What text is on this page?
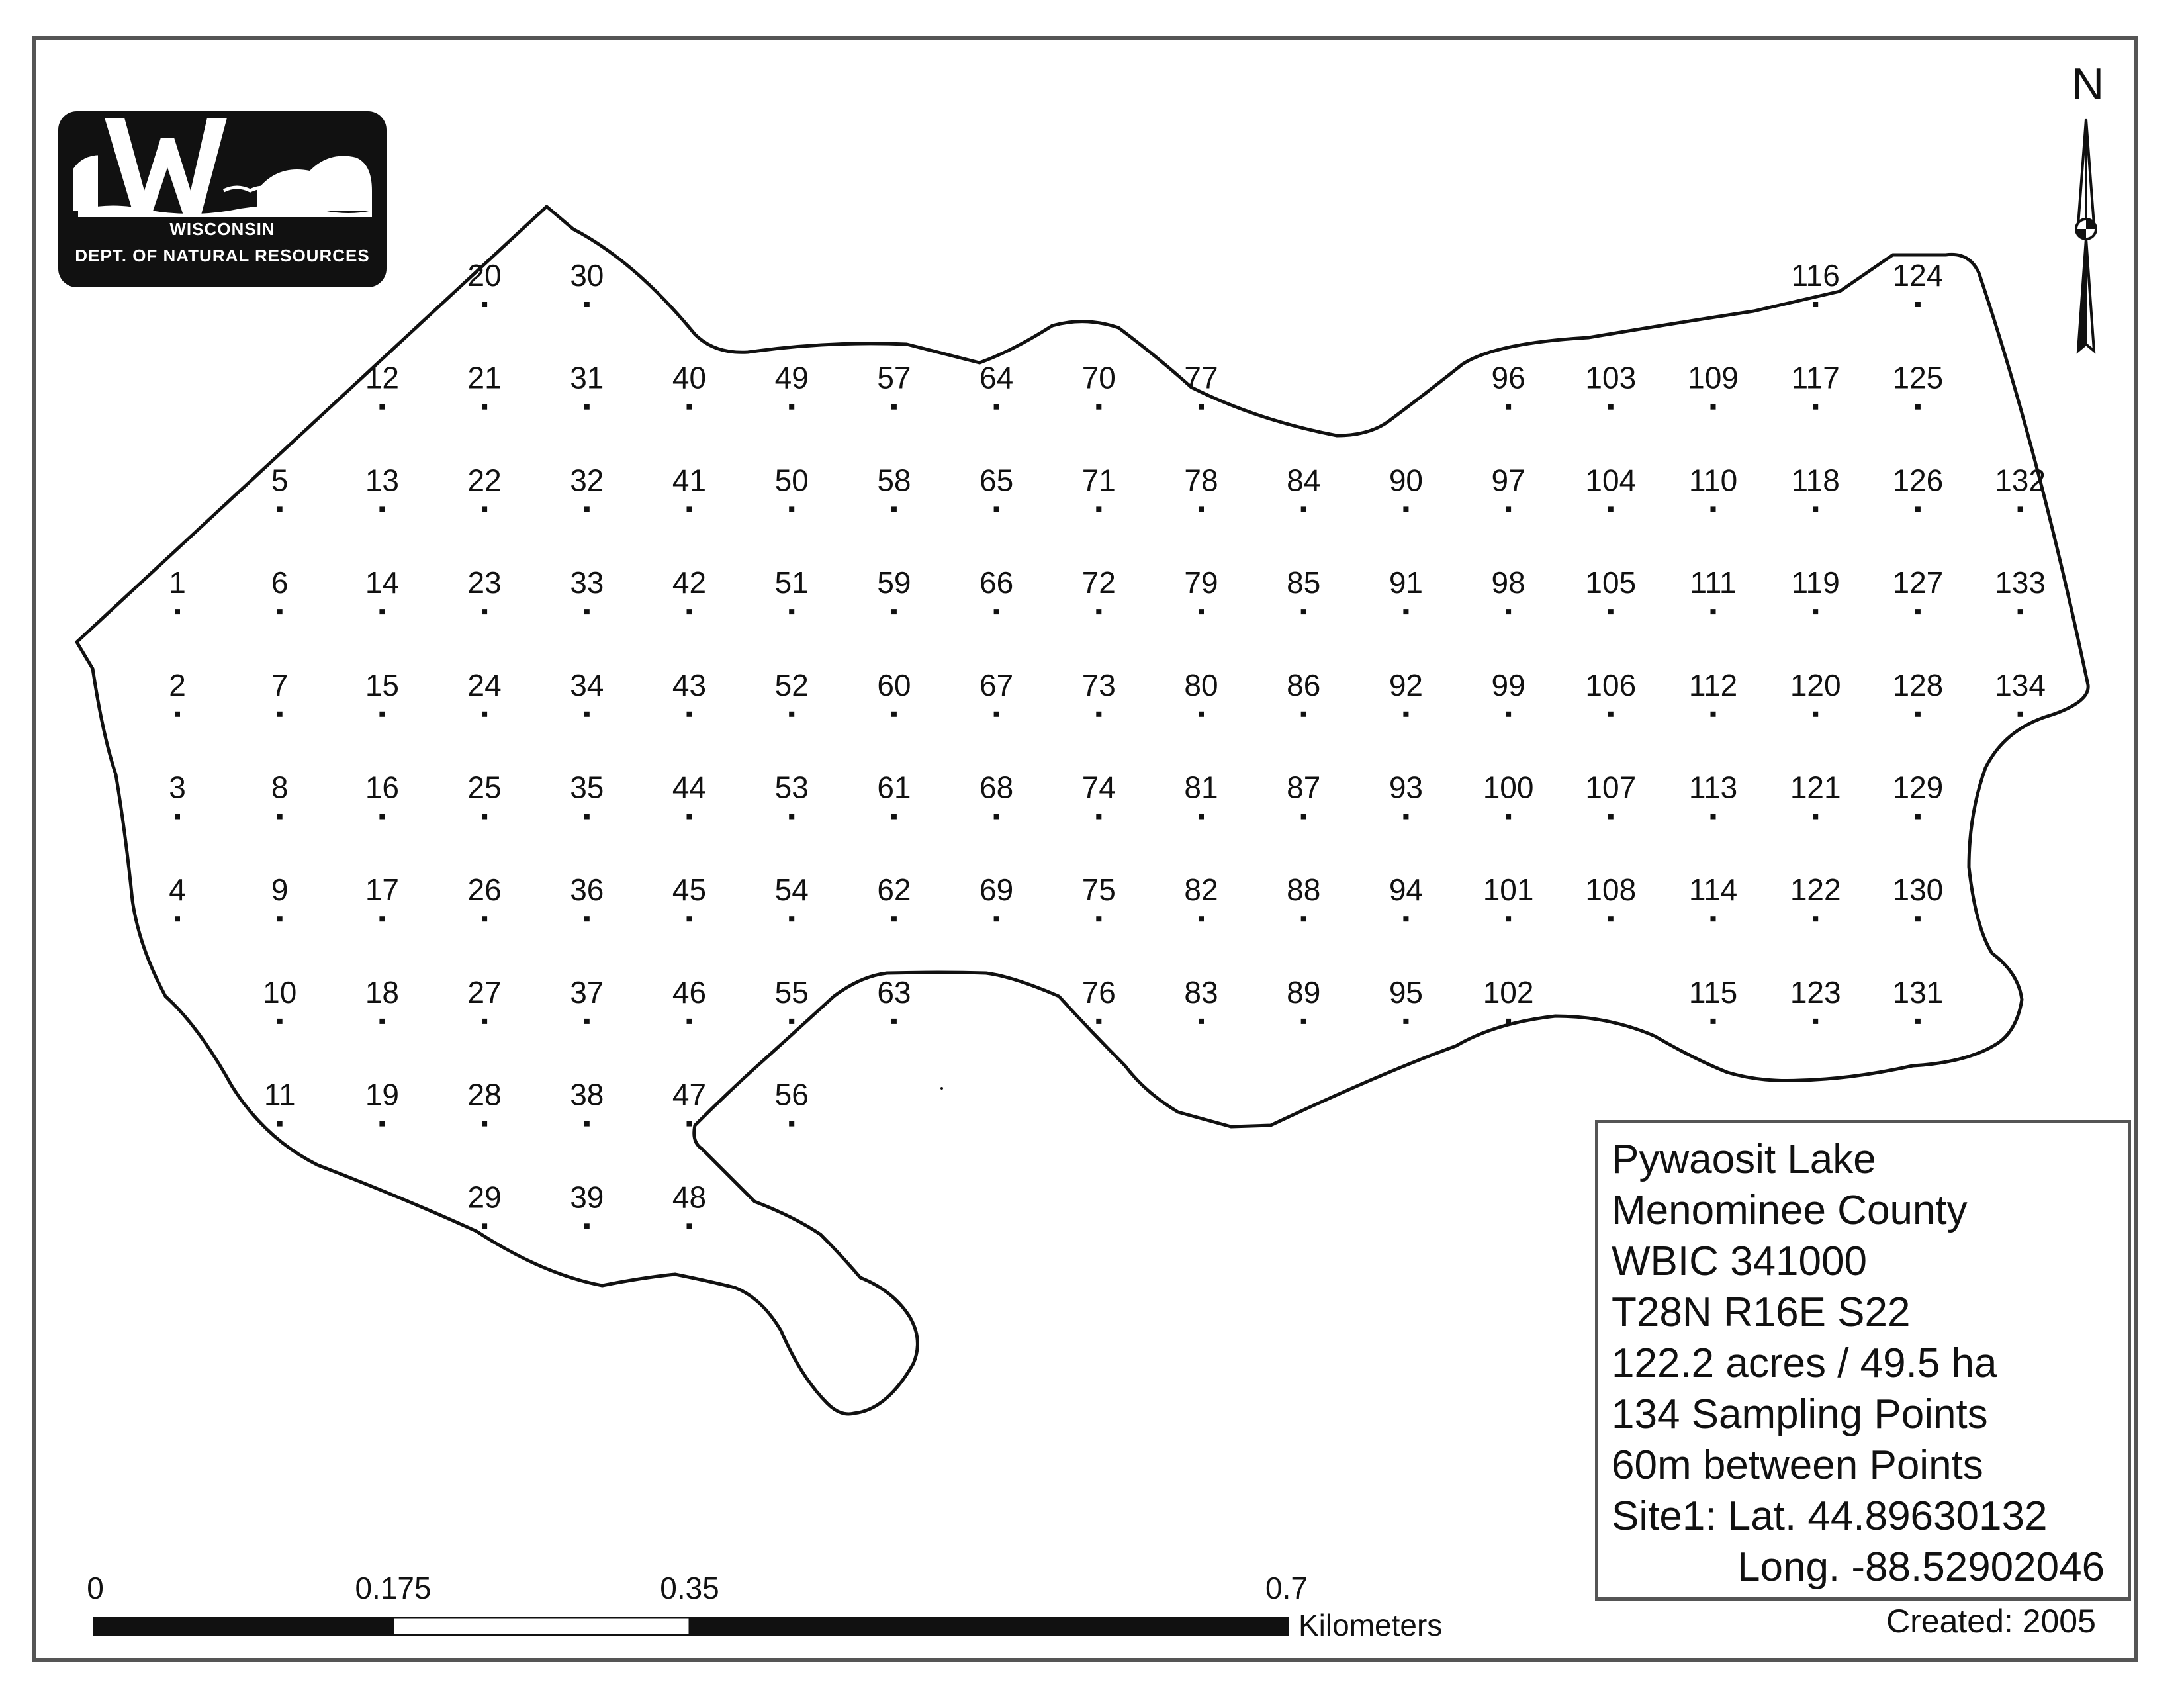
1
2
3
4
5
6
7
8
9
10
11
12
13
14
15
16
17
18
19
20
21
22
23
24
25
26
27
28
29
30
31
32
33
34
35
36
37
38
39
40
41
42
43
44
45
46
47
48
49
50
51
52
53
54
55
56
57
58
59
60
61
62
63
64
65
66
67
68
69
70
71
72
73
74
75
76
77
78
79
80
81
82
83
84
85
86
87
88
89
90
91
92
93
94
95
96
97
98
99
100
101
102
103
104
105
106
107
108
109
110
111
112
113
114
115
116
117
118
119
120
121
122
123
124
125
126
127
128
129
130
131
132
133
134
WISCONSIN
DEPT. OF NATURAL RESOURCES
N
Pywaosit Lake
Menominee County
WBIC 341000
T28N R16E S22
122.2 acres / 49.5 ha
134 Sampling Points
60m between Points
Site1: Lat. 44.89630132
Long. -88.52902046
Created: 2005
0	0.175	0.35	0.7
Kilometers
